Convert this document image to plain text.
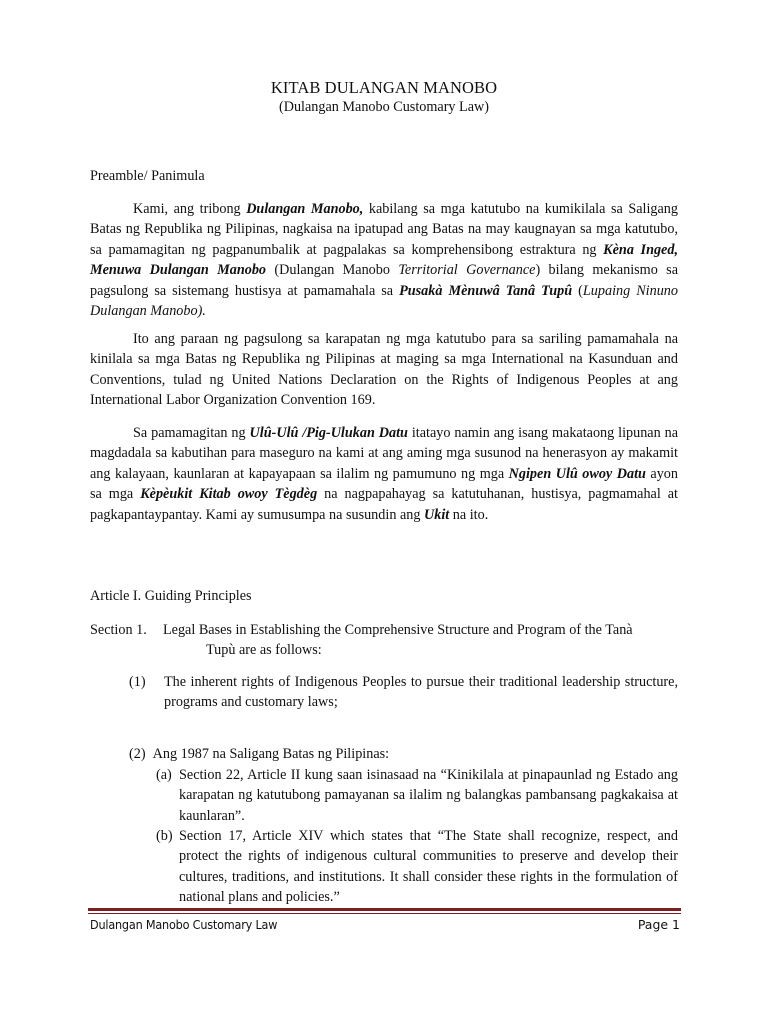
KITAB DULANGAN MANOBO
(Dulangan Manobo Customary Law)
Preamble/ Panimula
Kami, ang tribong Dulangan Manobo, kabilang sa mga katutubo na kumikilala sa Saligang Batas ng Republika ng Pilipinas, nagkaisa na ipatupad ang Batas na may kaugnayan sa mga katutubo, sa pamamagitan ng pagpanumbalik at pagpalakas sa komprehensibong estraktura ng Kèna Inged, Menuwa Dulangan Manobo (Dulangan Manobo Territorial Governance) bilang mekanismo sa pagsulong sa sistemang hustisya at pamamahala sa Pusakà Mènuwâ Tanâ Tupû (Lupaing Ninuno Dulangan Manobo).
Ito ang paraan ng pagsulong sa karapatan ng mga katutubo para sa sariling pamamahala na kinilala sa mga Batas ng Republika ng Pilipinas at maging sa mga International na Kasunduan and Conventions, tulad ng United Nations Declaration on the Rights of Indigenous Peoples at ang International Labor Organization Convention 169.
Sa pamamagitan ng Ulû-Ulû /Pig-Ulukan Datu itatayo namin ang isang makataong lipunan na magdadala sa kabutihan para maseguro na kami at ang aming mga susunod na henerasyon ay makamit ang kalayaan, kaunlaran at kapayapaan sa ilalim ng pamumuno ng mga Ngipen Ulû owoy Datu ayon sa mga Kèpèukit Kitab owoy Tègdèg na nagpapahayag sa katutuhanan, hustisya, pagmamahal at pagkapantaypantay. Kami ay sumusumpa na susundin ang Ukit na ito.
Article I. Guiding Principles
Section 1. Legal Bases in Establishing the Comprehensive Structure and Program of the Tanà
Tupù are as follows:
(1) The inherent rights of Indigenous Peoples to pursue their traditional leadership structure, programs and customary laws;
(2) Ang 1987 na Saligang Batas ng Pilipinas:
(a) Section 22, Article II kung saan isinasaad na “Kinikilala at pinapaunlad ng Estado ang karapatan ng katutubong pamayanan sa ilalim ng balangkas pambansang pagkakaisa at kaunlaran”.
(b) Section 17, Article XIV which states that “The State shall recognize, respect, and protect the rights of indigenous cultural communities to preserve and develop their cultures, traditions, and institutions. It shall consider these rights in the formulation of national plans and policies.”
Dulangan Manobo Customary Law	Page 1
